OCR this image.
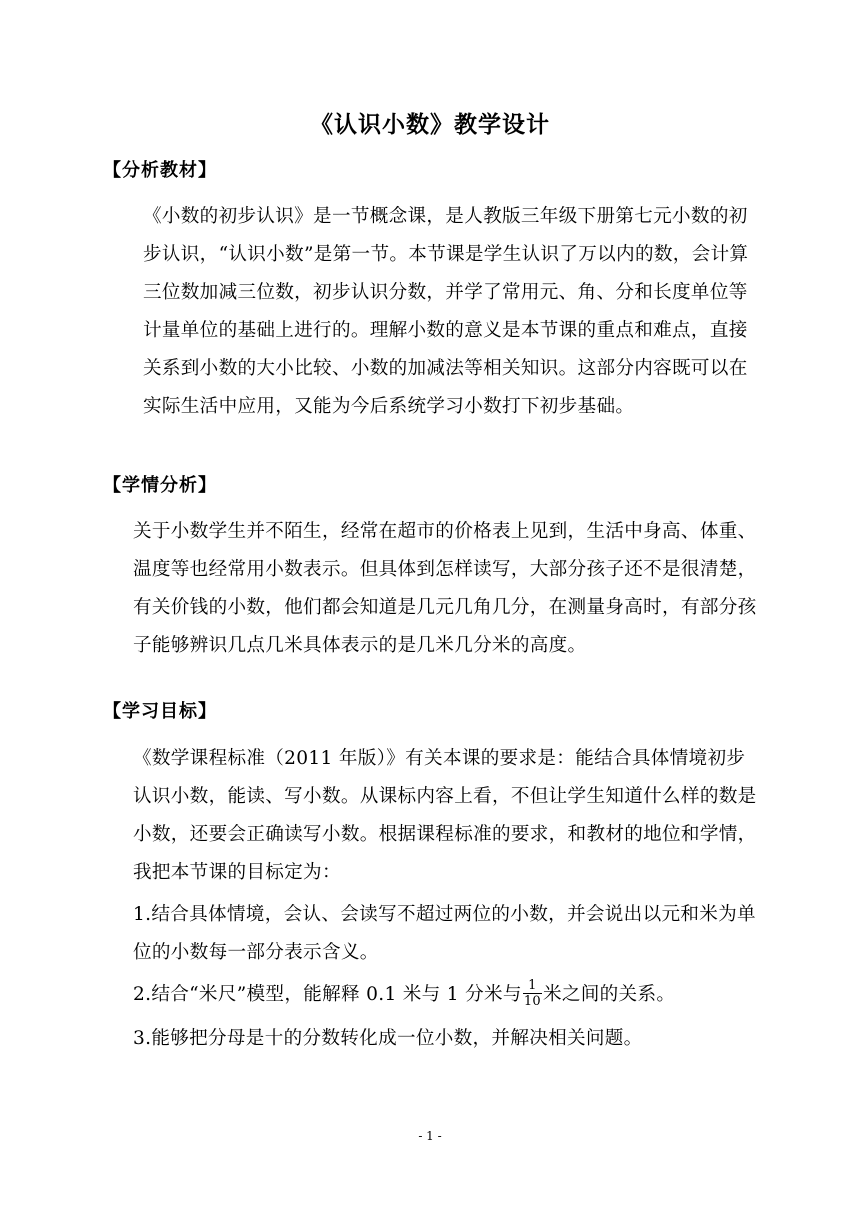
《认识小数》教学设计
【分析教材】

《小数的初步认识》是一节概念课，是人教版三年级下册第七元小数的初步认识，“认识小数”是第一节。本节课是学生认识了万以内的数，会计算三位数加减三位数，初步认识分数，并学了常用元、角、分和长度单位等计量单位的基础上进行的。理解小数的意义是本节课的重点和难点，直接关系到小数的大小比较、小数的加减法等相关知识。这部分内容既可以在实际生活中应用，又能为今后系统学习小数打下初步基础。

【学情分析】

关于小数学生并不陌生，经常在超市的价格表上见到，生活中身高、体重、温度等也经常用小数表示。但具体到怎样读写，大部分孩子还不是很清楚，有关价钱的小数，他们都会知道是几元几角几分，在测量身高时，有部分孩子能够辨识几点几米具体表示的是几米几分米的高度。

【学习目标】

《数学课程标准（2011 年版）》有关本课的要求是：能结合具体情境初步认识小数，能读、写小数。从课标内容上看，不但让学生知道什么样的数是小数，还要会正确读写小数。根据课程标准的要求，和教材的地位和学情，我把本节课的目标定为：

1.结合具体情境，会认、会读写不超过两位的小数，并会说出以元和米为单位的小数每一部分表示含义。

2.结合“米尺”模型，能解释 0.1 米与 1 分米与 $\frac{1}{10}$ 米之间的关系。

3.能够把分母是十的分数转化成一位小数，并解决相关问题。

- 1 -
